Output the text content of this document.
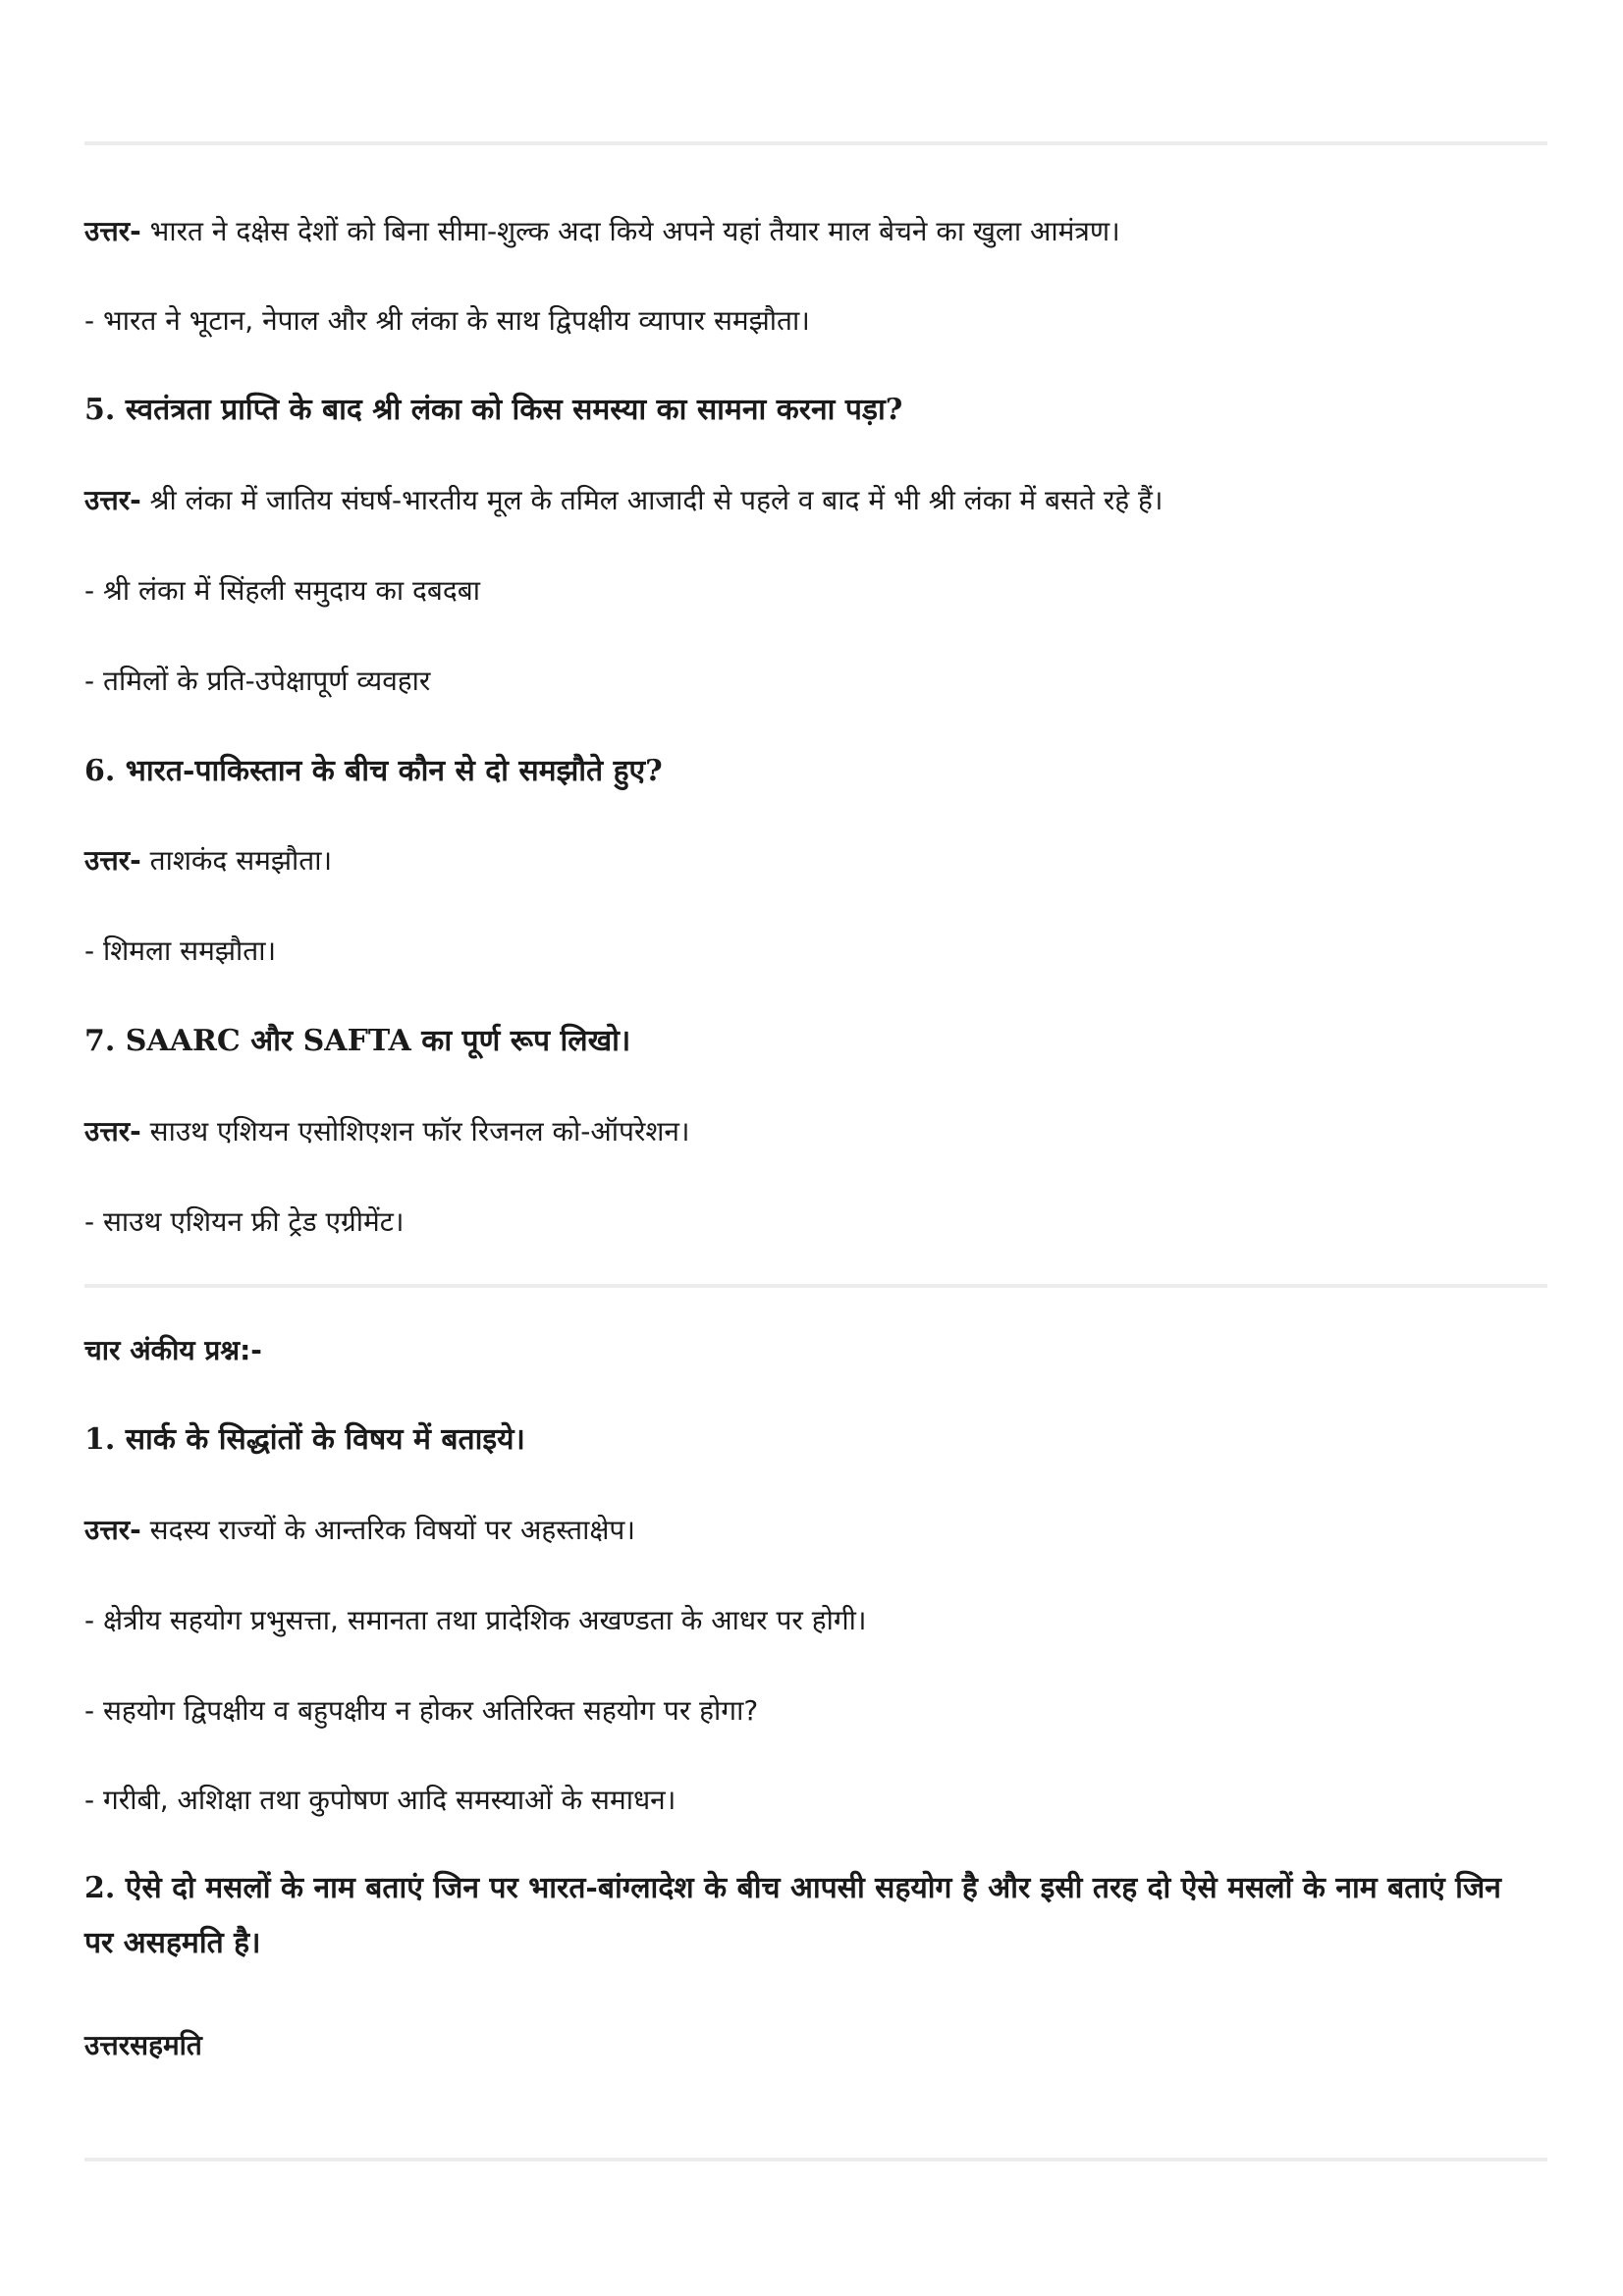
उत्तर- भारत ने दक्षेस देशों को बिना सीमा-शुल्क अदा किये अपने यहां तैयार माल बेचने का खुला आमंत्रण।

- भारत ने भूटान, नेपाल और श्री लंका के साथ द्विपक्षीय व्यापार समझौता।

5. स्वतंत्रता प्राप्ति के बाद श्री लंका को किस समस्या का सामना करना पड़ा?

उत्तर- श्री लंका में जातिय संघर्ष-भारतीय मूल के तमिल आजादी से पहले व बाद में भी श्री लंका में बसते रहे हैं।

- श्री लंका में सिंहली समुदाय का दबदबा

- तमिलों के प्रति-उपेक्षापूर्ण व्यवहार

6. भारत-पाकिस्तान के बीच कौन से दो समझौते हुए?

उत्तर- ताशकंद समझौता।

- शिमला समझौता।

7. SAARC और SAFTA का पूर्ण रूप लिखो।

उत्तर- साउथ एशियन एसोशिएशन फॉर रिजनल को-ऑपरेशन।

- साउथ एशियन फ्री ट्रेड एग्रीमेंट।

चार अंकीय प्रश्न:-

1. सार्क के सिद्धांतों के विषय में बताइये।

उत्तर- सदस्य राज्यों के आन्तरिक विषयों पर अहस्ताक्षेप।

- क्षेत्रीय सहयोग प्रभुसत्ता, समानता तथा प्रादेशिक अखण्डता के आधर पर होगी।

- सहयोग द्विपक्षीय व बहुपक्षीय न होकर अतिरिक्त सहयोग पर होगा?

- गरीबी, अशिक्षा तथा कुपोषण आदि समस्याओं के समाधन।

2. ऐसे दो मसलों के नाम बताएं जिन पर भारत-बांग्लादेश के बीच आपसी सहयोग है और इसी तरह दो ऐसे मसलों के नाम बताएं जिन पर असहमति है।

उत्तरसहमति
